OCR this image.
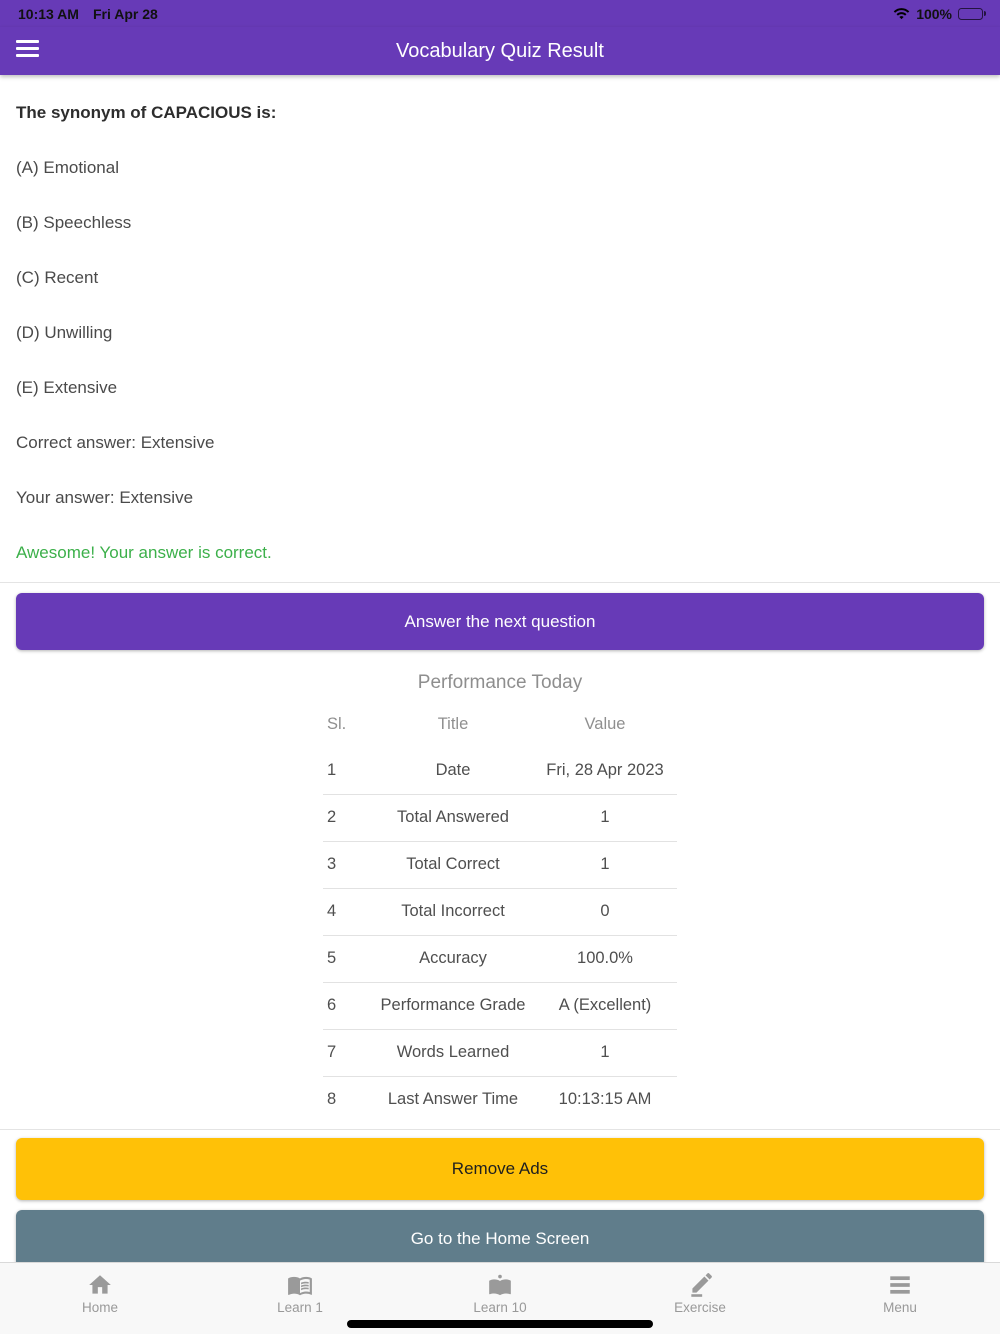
10:13 AM Fri Apr 28	100%
Vocabulary Quiz Result

The synonym of CAPACIOUS is:

(A) Emotional

(B) Speechless

(C) Recent

(D) Unwilling

(E) Extensive

Correct answer: Extensive

Your answer: Extensive

Awesome! Your answer is correct.

Answer the next question
Performance Today
Sl.	Title	Value
1	Date	Fri, 28 Apr 2023
2	Total Answered	1
3	Total Correct	1
4	Total Incorrect	0
5	Accuracy	100.0%
6	Performance Grade	A (Excellent)
7	Words Learned	1
8	Last Answer Time	10:13:15 AM
Remove Ads
Go to the Home Screen
Home	Learn 1	Learn 10	Exercise	Menu
